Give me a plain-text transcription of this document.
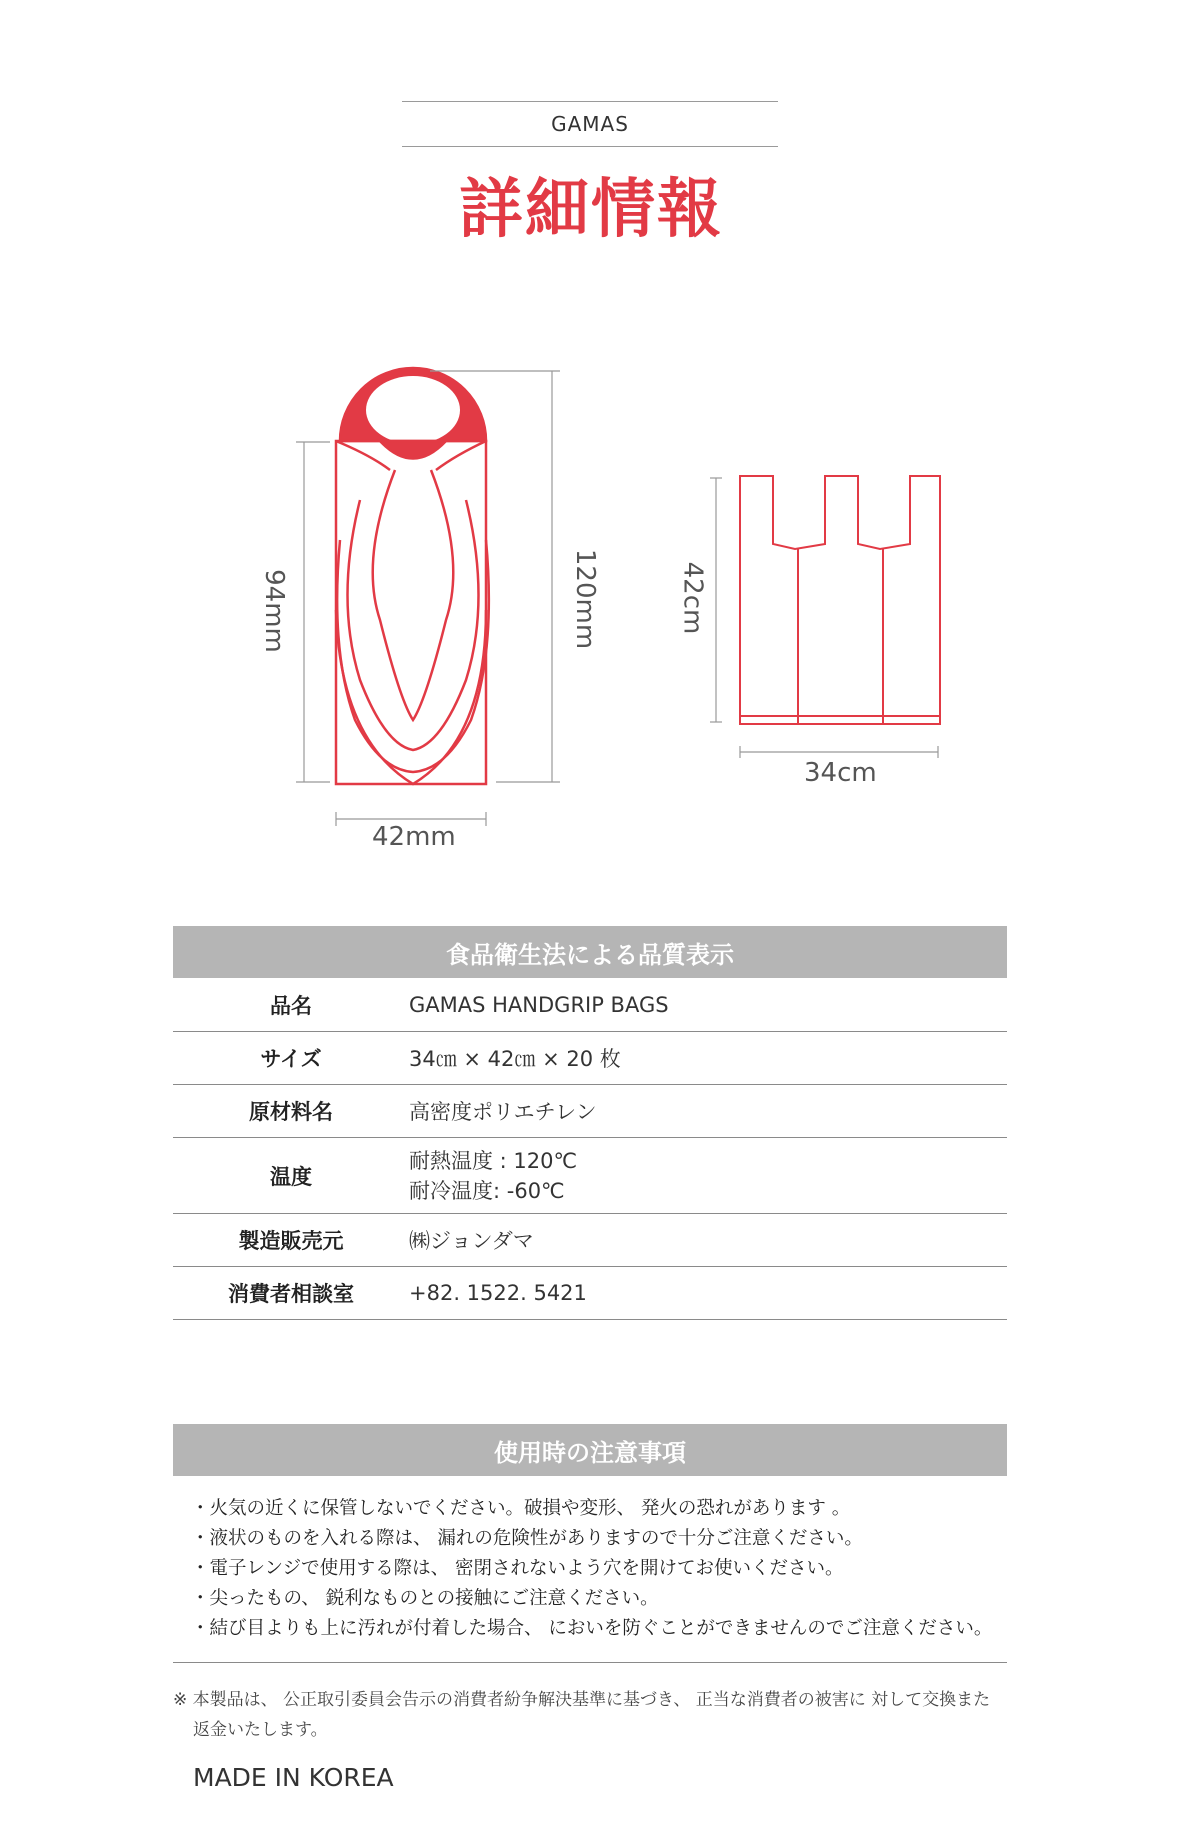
GAMAS
詳細情報
94mm	120mm
42mm
42cm
34cm
食品衛生法による品質表示
品名	GAMAS HANDGRIP BAGS
サイズ	34㎝ × 42㎝ × 20 枚
原材料名	高密度ポリエチレン
温度	耐熱温度 : 120℃
耐冷温度: -60℃

製造販売元	㈱ジョンダマ
消費者相談室	+82. 1522. 5421
使用時の注意事項
・火気の近くに保管しないでください。破損や変形、 発火の恐れがあります 。
・液状のものを入れる際は、 漏れの危険性がありますので十分ご注意ください。
・電子レンジで使用する際は、 密閉されないよう穴を開けてお使いください。
・尖ったもの、 鋭利なものとの接触にご注意ください。
・結び目よりも上に汚れが付着した場合、 においを防ぐことができませんのでご注意ください。
※ 本製品は、 公正取引委員会告示の消費者紛争解決基準に基づき、 正当な消費者の被害に 対して交換また
返金いたします。
MADE IN KOREA
